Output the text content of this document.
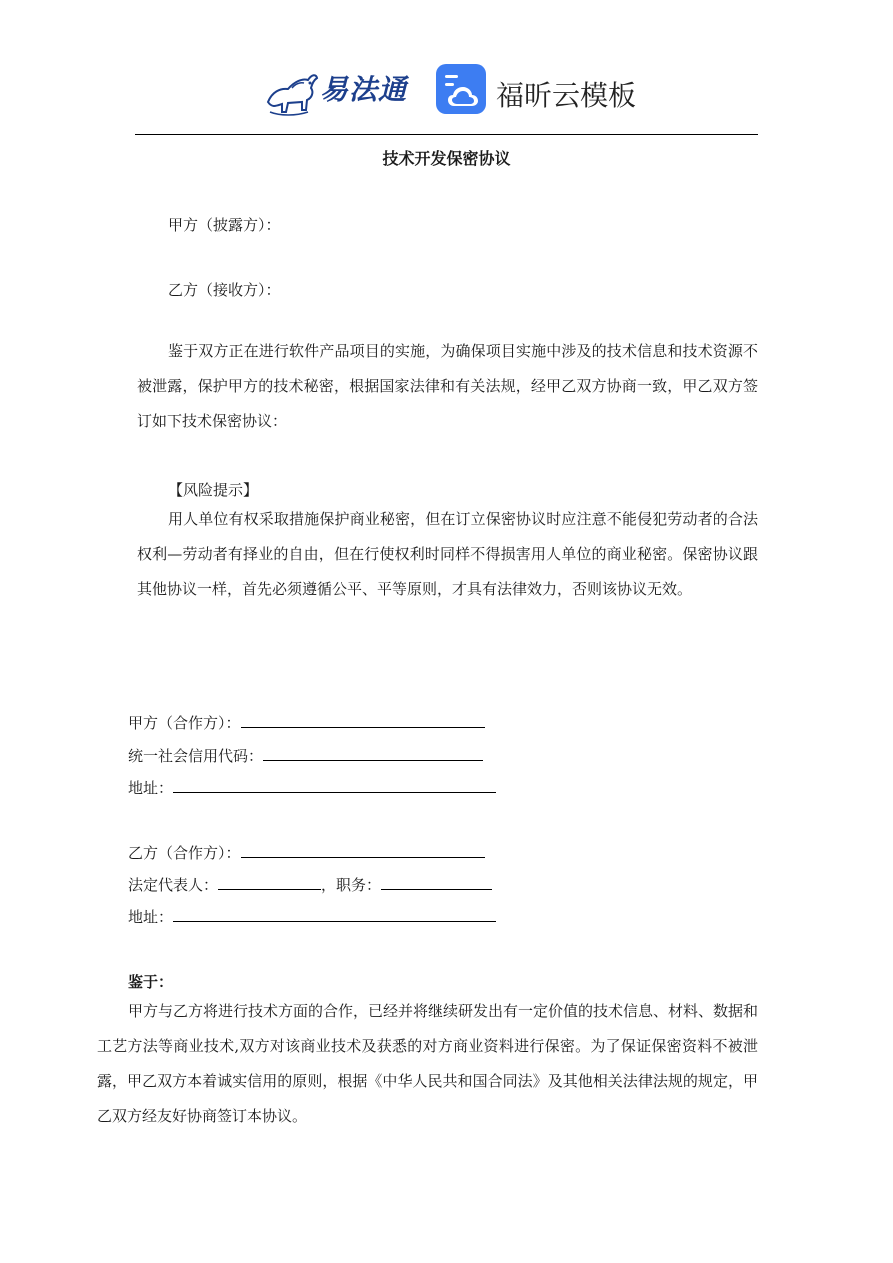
易法通	福昕云模板
技术开发保密协议
甲方（披露方）：
乙方（接收方）：
鉴于双方正在进行软件产品项目的实施，为确保项目实施中涉及的技术信息和技术资源不被泄露，保护甲方的技术秘密，根据国家法律和有关法规，经甲乙双方协商一致，甲乙双方签订如下技术保密协议：
【风险提示】
用人单位有权采取措施保护商业秘密，但在订立保密协议时应注意不能侵犯劳动者的合法权利—劳动者有择业的自由，但在行使权利时同样不得损害用人单位的商业秘密。保密协议跟其他协议一样，首先必须遵循公平、平等原则，才具有法律效力，否则该协议无效。
甲方（合作方）：
统一社会信用代码：
地址：
乙方（合作方）：
法定代表人：	，职务：
地址：
鉴于：
甲方与乙方将进行技术方面的合作，已经并将继续研发出有一定价值的技术信息、材料、数据和工艺方法等商业技术,双方对该商业技术及获悉的对方商业资料进行保密。为了保证保密资料不被泄露，甲乙双方本着诚实信用的原则，根据《中华人民共和国合同法》及其他相关法律法规的规定，甲乙双方经友好协商签订本协议。
